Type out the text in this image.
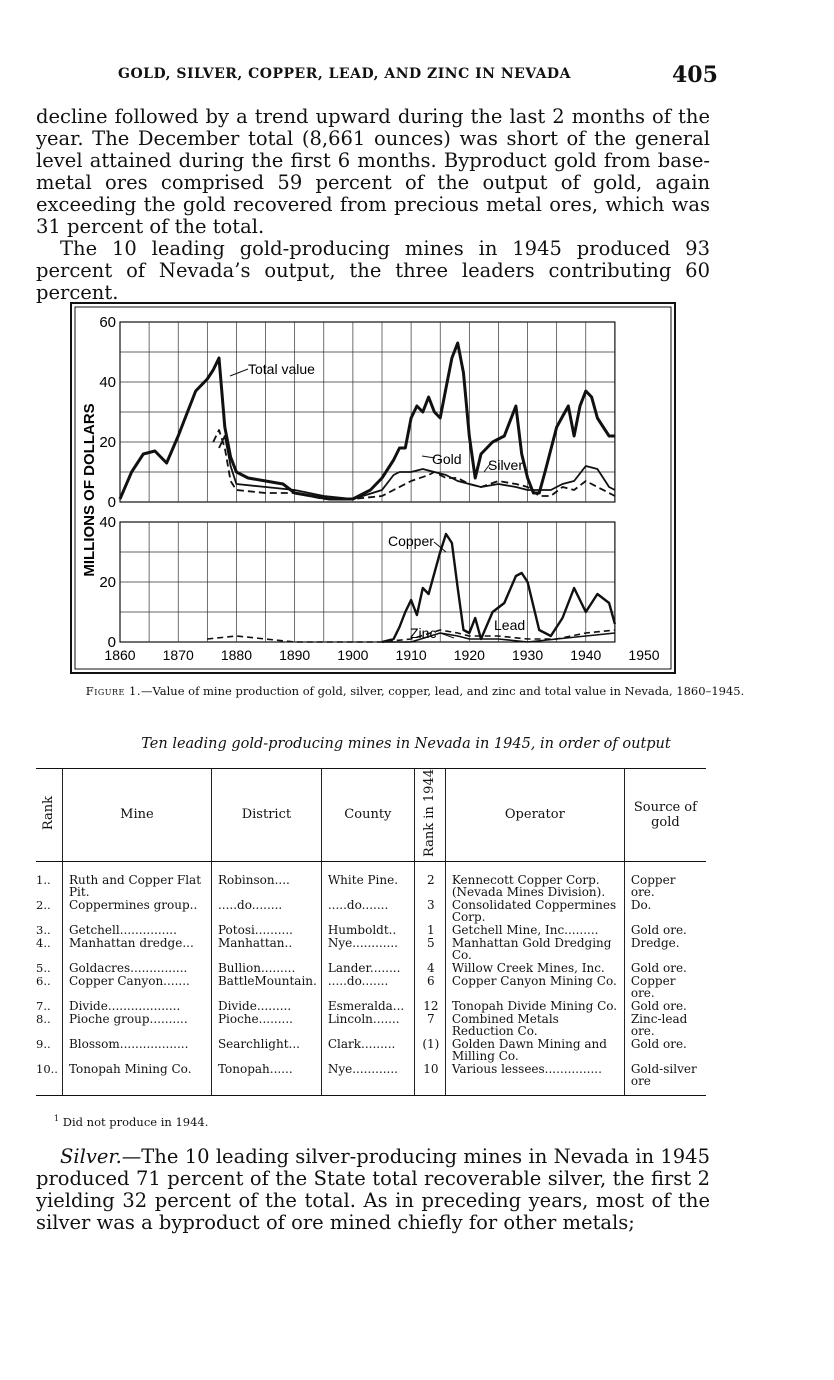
GOLD, SILVER, COPPER, LEAD, AND ZINC IN NEVADA	405
decline followed by a trend upward during the last 2 months of the year. The December total (8,661 ounces) was short of the general level attained during the first 6 months. Byproduct gold from base-metal ores comprised 59 percent of the output of gold, again exceeding the gold recovered from precious metal ores, which was 31 percent of the total.
The 10 leading gold-producing mines in 1945 produced 93 percent of Nevada’s output, the three leaders contributing 60 percent.
1860 1870 1880 1890 1900 1910 1920 1930 1940 1950
0
20
40
60
0
20
40
MILLIONS OF DOLLARS
Total value
Gold Silver
Copper
Zinc	Lead
Figure 1.—Value of mine production of gold, silver, copper, lead, and zinc and total value in Nevada, 1860–1945.
Ten leading gold-producing mines in Nevada in 1945, in order of output
Rank	Mine	District	County	Rank in 1944	Operator	Source of gold
1..	Ruth and Copper Flat Pit.	Robinson....	White Pine.	2	Kennecott Copper Corp. (Nevada Mines Division).	Copper ore.
2..	Coppermines group..	.....do........	.....do.......	3	Consolidated Coppermines Corp.	Do.
3..	Getchell...............	Potosi..........	Humboldt..	1	Getchell Mine, Inc.........	Gold ore.
4..	Manhattan dredge...	Manhattan..	Nye............	5	Manhattan Gold Dredging Co.	Dredge.
5..	Goldacres...............	Bullion.........	Lander........	4	Willow Creek Mines, Inc.	Gold ore.
6..	Copper Canyon.......	BattleMountain.	.....do.......	6	Copper Canyon Mining Co.	Copper ore.
7..	Divide...................	Divide.........	Esmeralda...	12	Tonopah Divide Mining Co.	Gold ore.
8..	Pioche group..........	Pioche.........	Lincoln.......	7	Combined Metals Reduction Co.	Zinc-lead ore.
9..	Blossom..................	Searchlight...	Clark.........	(1)	Golden Dawn Mining and Milling Co.	Gold ore.
10..	Tonopah Mining Co.	Tonopah......	Nye............	10	Various lessees...............	Gold-silver ore
$^1$ Did not produce in 1944.
Silver.—The 10 leading silver-producing mines in Nevada in 1945 produced 71 percent of the State total recoverable silver, the first 2 yielding 32 percent of the total. As in preceding years, most of the silver was a byproduct of ore mined chiefly for other metals;
